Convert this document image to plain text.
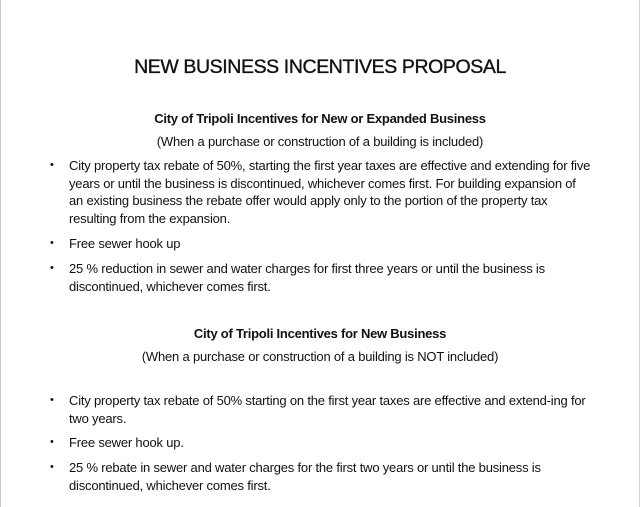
NEW BUSINESS INCENTIVES PROPOSAL
City of Tripoli Incentives for New or Expanded Business
(When a purchase or construction of a building is included)
•	City property tax rebate of 50%, starting the first year taxes are effective and extending for five years or until the business is discontinued, whichever comes first. For building expansion of an existing business the rebate offer would apply only to the portion of the property tax resulting from the expansion.
•	Free sewer hook up
•	25 % reduction in sewer and water charges for first three years or until the business is discontinued, whichever comes first.
City of Tripoli Incentives for New Business
(When a purchase or construction of a building is NOT included)
•	City property tax rebate of 50% starting on the first year taxes are effective and extend-ing for two years.
•	Free sewer hook up.
•	25 % rebate in sewer and water charges for the first two years or until the business is discontinued, whichever comes first.
